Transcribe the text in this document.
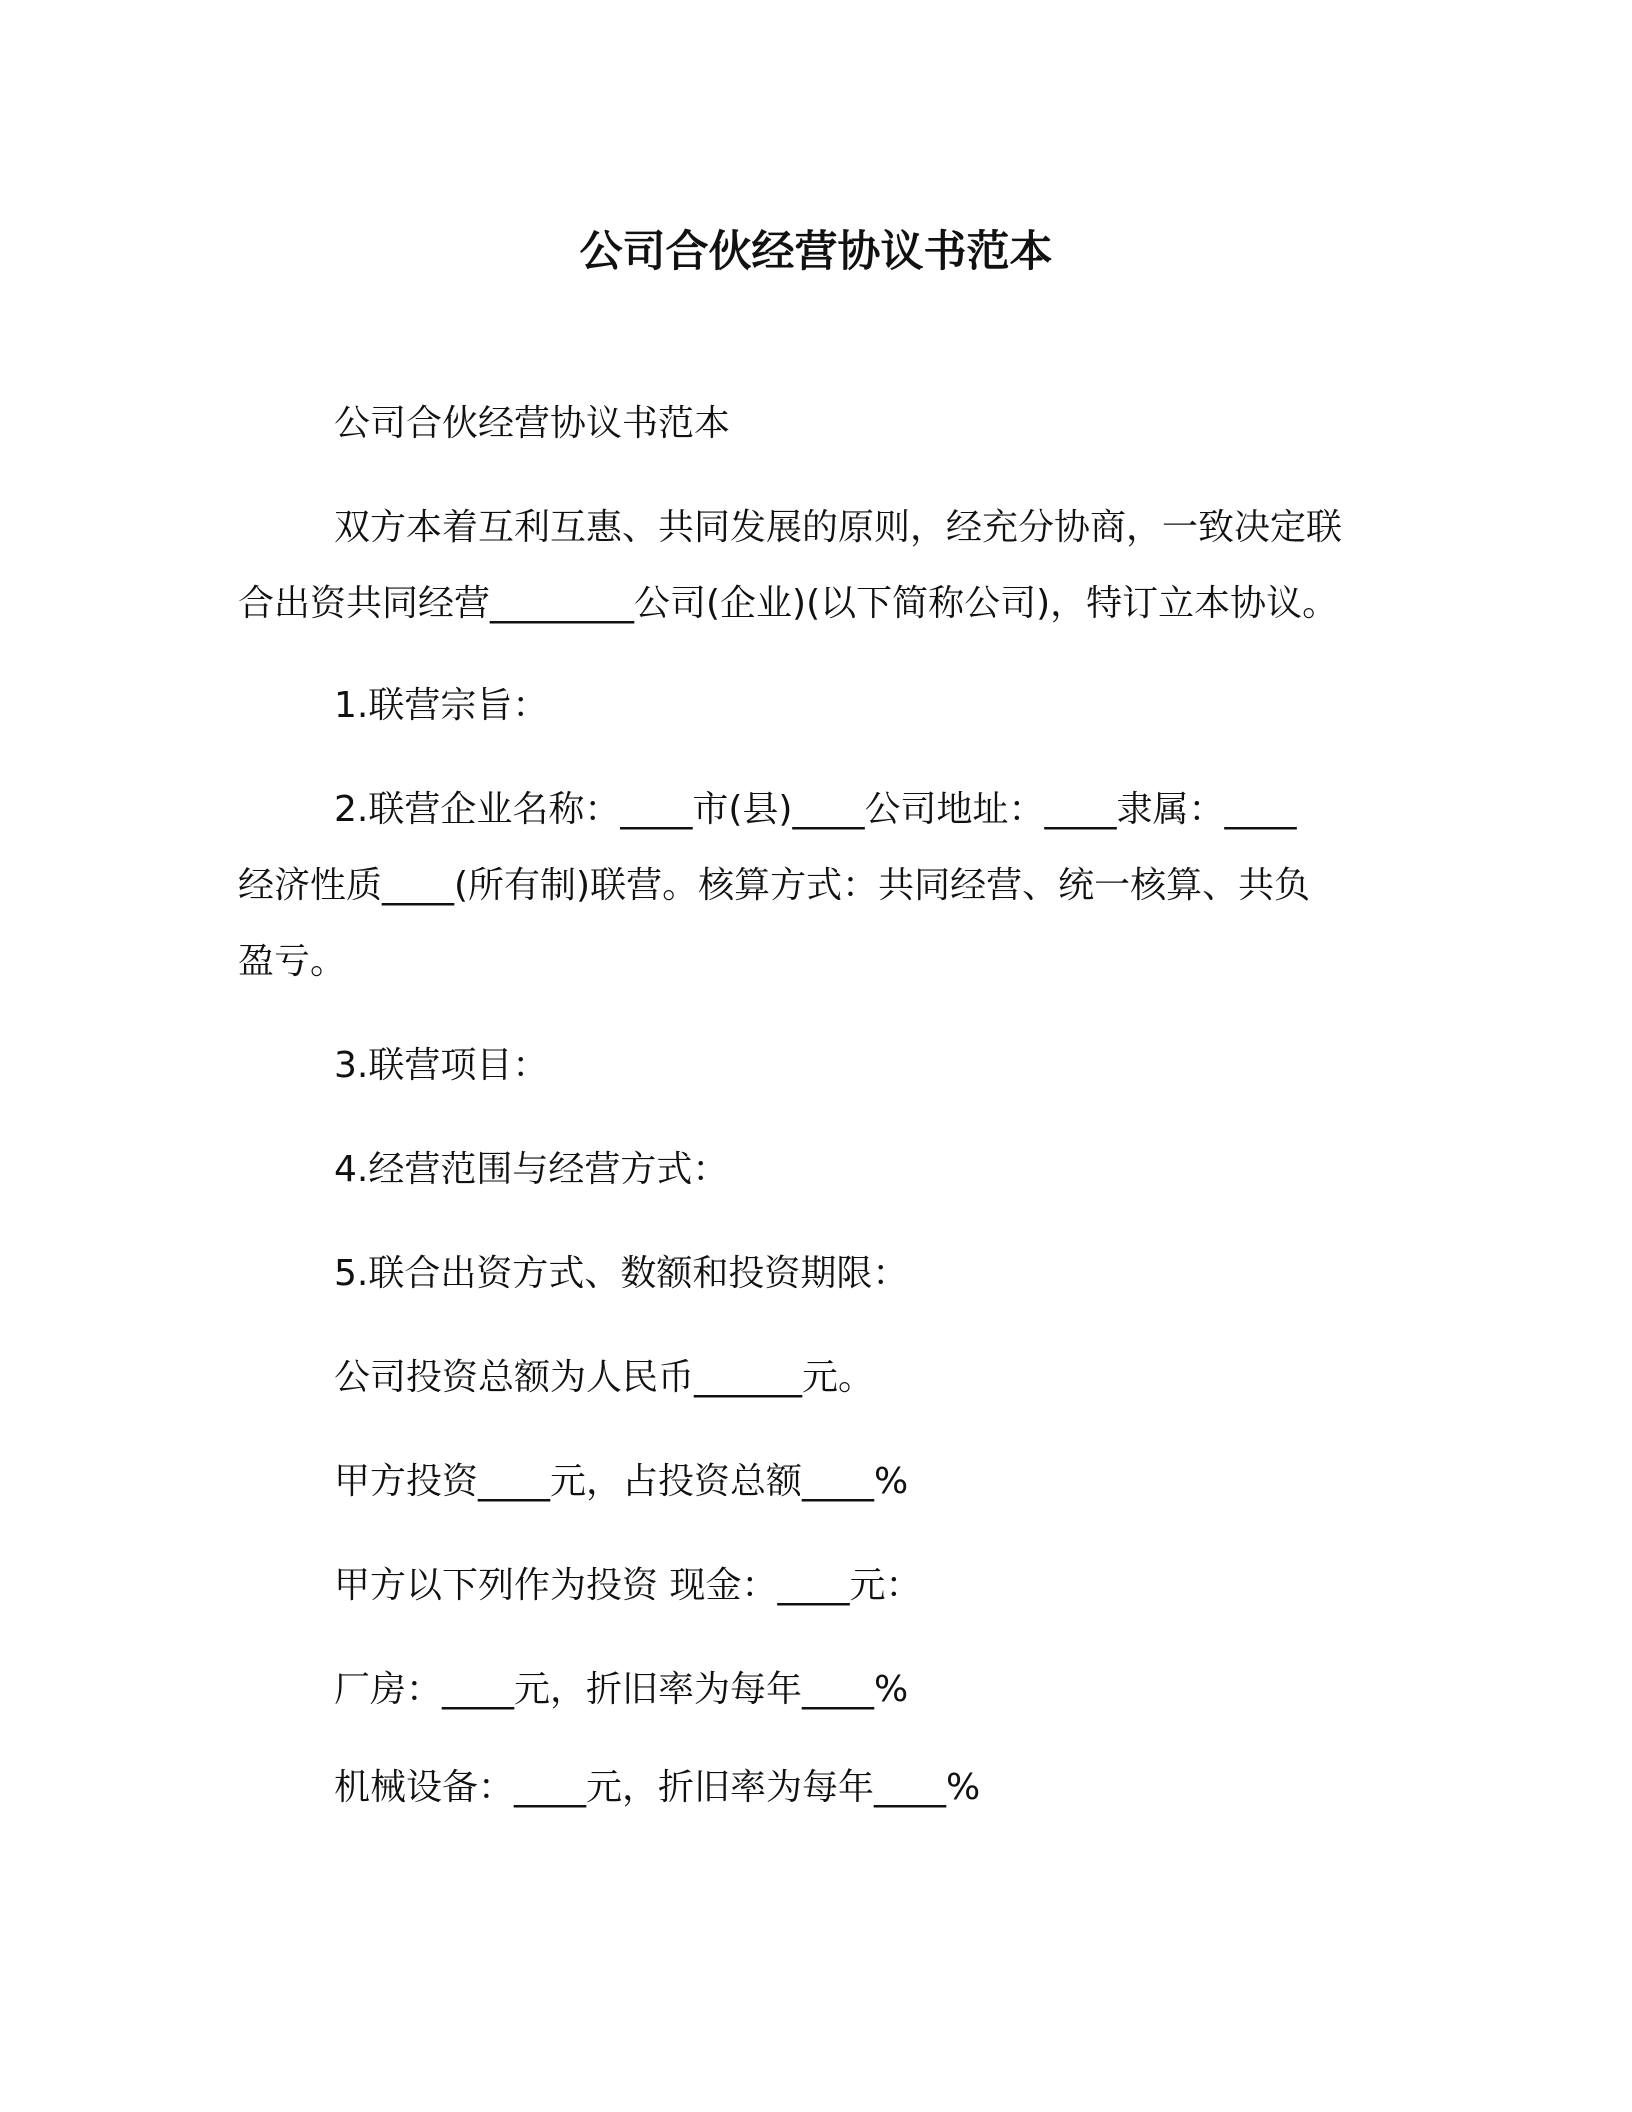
公司合伙经营协议书范本

公司合伙经营协议书范本

双方本着互利互惠、共同发展的原则，经充分协商，一致决定联
合出资共同经营________公司(企业)(以下简称公司)，特订立本协议。

1.联营宗旨：

2.联营企业名称：____市(县)____公司地址：____隶属：____
经济性质____(所有制)联营。核算方式：共同经营、统一核算、共负
盈亏。

3.联营项目：

4.经营范围与经营方式：

5.联合出资方式、数额和投资期限：

公司投资总额为人民币______元。

甲方投资____元，占投资总额____%

甲方以下列作为投资 现金：____元：

厂房：____元，折旧率为每年____%

机械设备：____元，折旧率为每年____%
